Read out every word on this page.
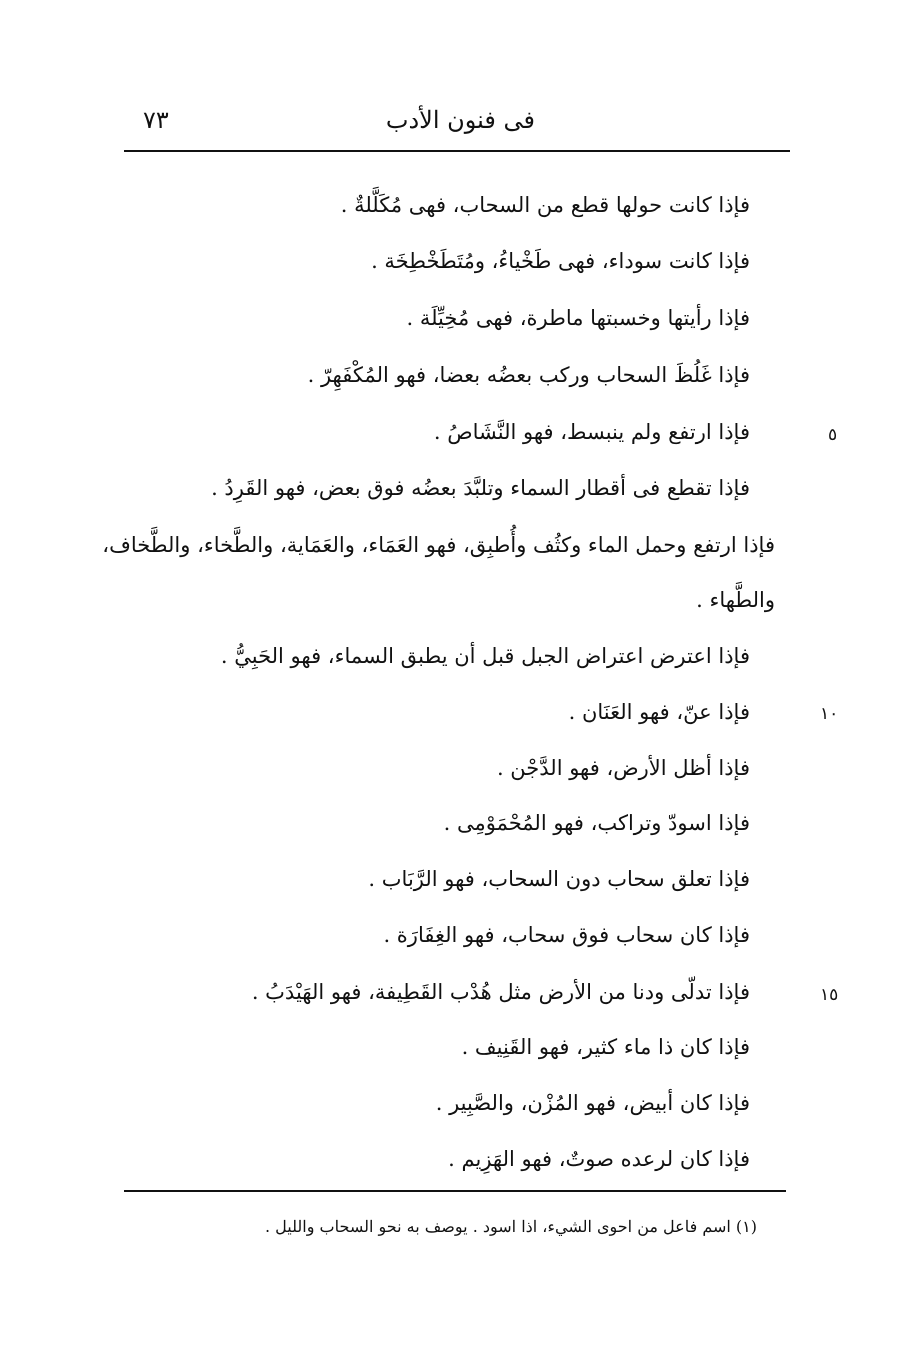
فى فنون الأدب
٧٣
فإذا كانت حولها قطع من السحاب، فهى مُكَلَّلةٌ .
فإذا كانت سوداء، فهى طَخْياءُ، ومُتَطَخْطِخَة .
فإذا رأيتها وخسبتها ماطرة، فهى مُخِيِّلَة .
فإذا غَلُظَ السحاب وركب بعضُه بعضا، فهو المُكْفَهِرّ .
فإذا ارتفع ولم ينبسط، فهو النَّشَاصُ .
فإذا تقطع فى أقطار السماء وتلبَّدَ بعضُه فوق بعض، فهو القَرِدُ .
فإذا ارتفع وحمل الماء وكثُف وأُطبِق، فهو العَمَاء، والعَمَاية، والطَّخاء، والطَّخاف،
والطَّهاء .
فإذا اعترض اعتراض الجبل قبل أن يطبق السماء، فهو الحَبِيُّ .
فإذا عنّ، فهو العَنَان .
فإذا أظل الأرض، فهو الدَّجْن .
فإذا اسودّ وتراكب، فهو المُحْمَوْمِى .
فإذا تعلق سحاب دون السحاب، فهو الرَّبَاب .
فإذا كان سحاب فوق سحاب، فهو الغِفَارَة .
فإذا تدلّى ودنا من الأرض مثل هُدْب القَطِيفة، فهو الهَيْدَبُ .
فإذا كان ذا ماء كثير، فهو القَنِيف .
فإذا كان أبيض، فهو المُزْن، والصَّبِير .
فإذا كان لرعده صوتٌ، فهو الهَزِيم .
٥
١٠
١٥
(١) اسم فاعل من احوى الشيء، اذا اسود . يوصف به نحو السحاب والليل .
